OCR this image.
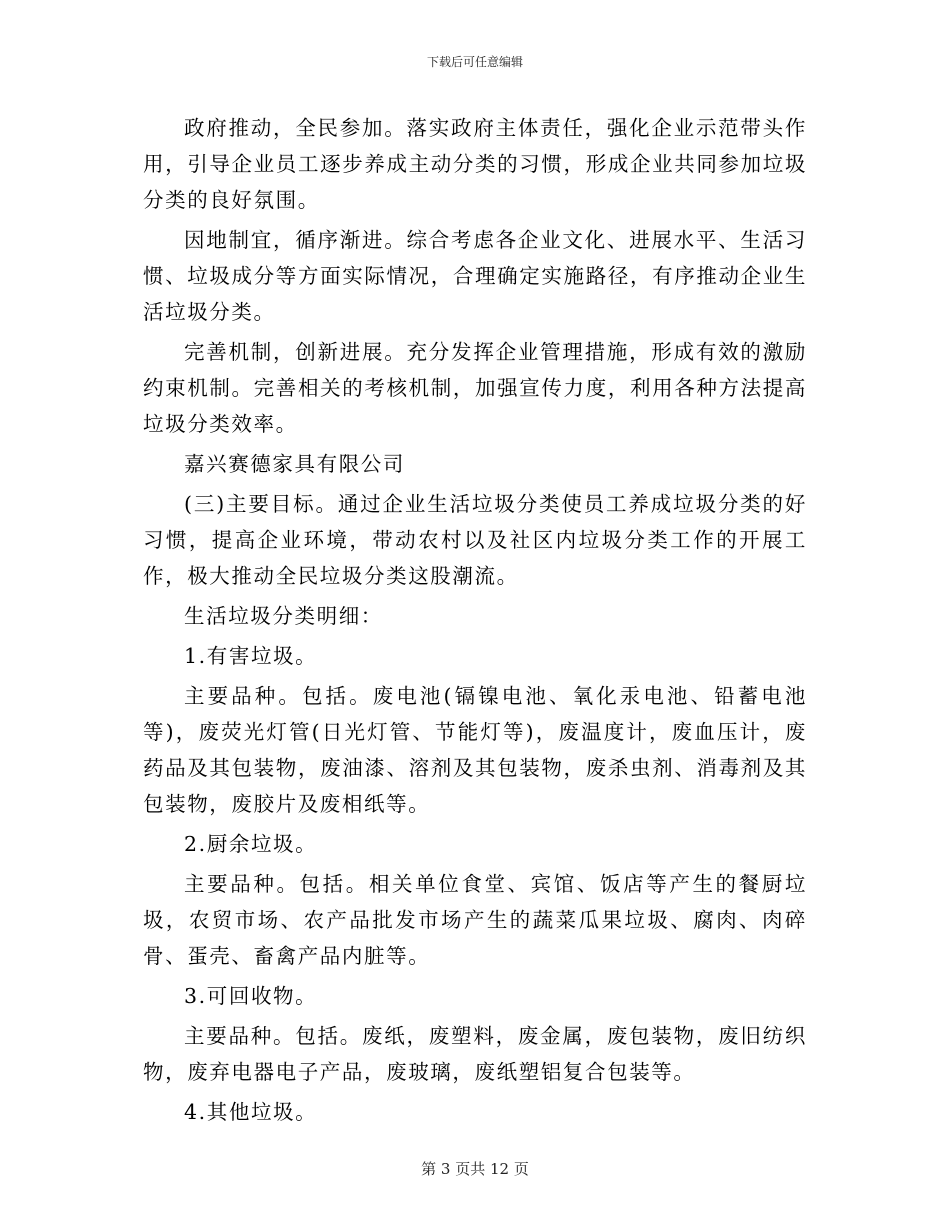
下载后可任意编辑

政府推动，全民参加。落实政府主体责任，强化企业示范带头作用，引导企业员工逐步养成主动分类的习惯，形成企业共同参加垃圾分类的良好氛围。

因地制宜，循序渐进。综合考虑各企业文化、进展水平、生活习惯、垃圾成分等方面实际情况，合理确定实施路径，有序推动企业生活垃圾分类。

完善机制，创新进展。充分发挥企业管理措施，形成有效的激励约束机制。完善相关的考核机制，加强宣传力度，利用各种方法提高垃圾分类效率。

嘉兴赛德家具有限公司

(三)主要目标。通过企业生活垃圾分类使员工养成垃圾分类的好习惯，提高企业环境，带动农村以及社区内垃圾分类工作的开展工作，极大推动全民垃圾分类这股潮流。

生活垃圾分类明细：

1.有害垃圾。

主要品种。包括。废电池(镉镍电池、氧化汞电池、铅蓄电池等)，废荧光灯管(日光灯管、节能灯等)，废温度计，废血压计，废药品及其包装物，废油漆、溶剂及其包装物，废杀虫剂、消毒剂及其包装物，废胶片及废相纸等。

2.厨余垃圾。

主要品种。包括。相关单位食堂、宾馆、饭店等产生的餐厨垃圾，农贸市场、农产品批发市场产生的蔬菜瓜果垃圾、腐肉、肉碎骨、蛋壳、畜禽产品内脏等。

3.可回收物。

主要品种。包括。废纸，废塑料，废金属，废包装物，废旧纺织物，废弃电器电子产品，废玻璃，废纸塑铝复合包装等。

4.其他垃圾。

第 3 页共 12 页
